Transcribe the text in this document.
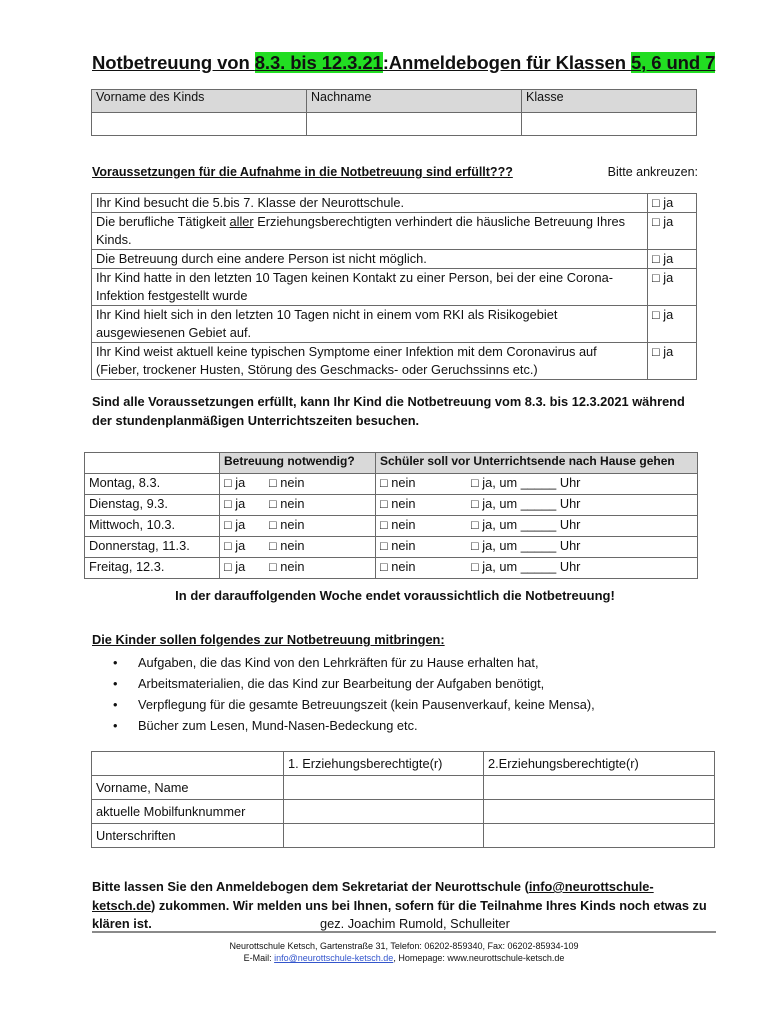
Notbetreuung von 8.3. bis 12.3.21:Anmeldebogen für Klassen 5, 6 und 7
Vorname des Kinds	Nachname	Klasse

Voraussetzungen für die Aufnahme in die Notbetreuung sind erfüllt???	Bitte ankreuzen:
Ihr Kind besucht die 5.bis 7. Klasse der Neurottschule.	□ ja
Die berufliche Tätigkeit aller Erziehungsberechtigten verhindert die häusliche Betreuung Ihres Kinds.	□ ja
Die Betreuung durch eine andere Person ist nicht möglich.	□ ja
Ihr Kind hatte in den letzten 10 Tagen keinen Kontakt zu einer Person, bei der eine Corona-Infektion festgestellt wurde	□ ja
Ihr Kind hielt sich in den letzten 10 Tagen nicht in einem vom RKI als Risikogebiet ausgewiesenen Gebiet auf.	□ ja
Ihr Kind weist aktuell keine typischen Symptome einer Infektion mit dem Coronavirus auf (Fieber, trockener Husten, Störung des Geschmacks- oder Geruchssinns etc.)	□ ja
Sind alle Voraussetzungen erfüllt, kann Ihr Kind die Notbetreuung vom 8.3. bis 12.3.2021 während der stundenplanmäßigen Unterrichtszeiten besuchen.
	Betreuung notwendig?	Schüler soll vor Unterrichtsende nach Hause gehen
Montag, 8.3.	□ ja □ nein	□ nein □ ja, um _____ Uhr
Dienstag, 9.3.	□ ja □ nein	□ nein □ ja, um _____ Uhr
Mittwoch, 10.3.	□ ja □ nein	□ nein □ ja, um _____ Uhr
Donnerstag, 11.3.	□ ja □ nein	□ nein □ ja, um _____ Uhr
Freitag, 12.3.	□ ja □ nein	□ nein □ ja, um _____ Uhr
In der darauffolgenden Woche endet voraussichtlich die Notbetreuung!
Die Kinder sollen folgendes zur Notbetreuung mitbringen:
• Aufgaben, die das Kind von den Lehrkräften für zu Hause erhalten hat,
• Arbeitsmaterialien, die das Kind zur Bearbeitung der Aufgaben benötigt,
• Verpflegung für die gesamte Betreuungszeit (kein Pausenverkauf, keine Mensa),
• Bücher zum Lesen, Mund-Nasen-Bedeckung etc.
	1. Erziehungsberechtigte(r)	2.Erziehungsberechtigte(r)
Vorname, Name		
aktuelle Mobilfunknummer		
Unterschriften		
Bitte lassen Sie den Anmeldebogen dem Sekretariat der Neurottschule (info@neurottschule-ketsch.de) zukommen. Wir melden uns bei Ihnen, sofern für die Teilnahme Ihres Kinds noch etwas zu klären ist.	gez. Joachim Rumold, Schulleiter
Neurottschule Ketsch, Gartenstraße 31, Telefon: 06202-859340, Fax: 06202-85934-109
E-Mail: info@neurottschule-ketsch.de, Homepage: www.neurottschule-ketsch.de
